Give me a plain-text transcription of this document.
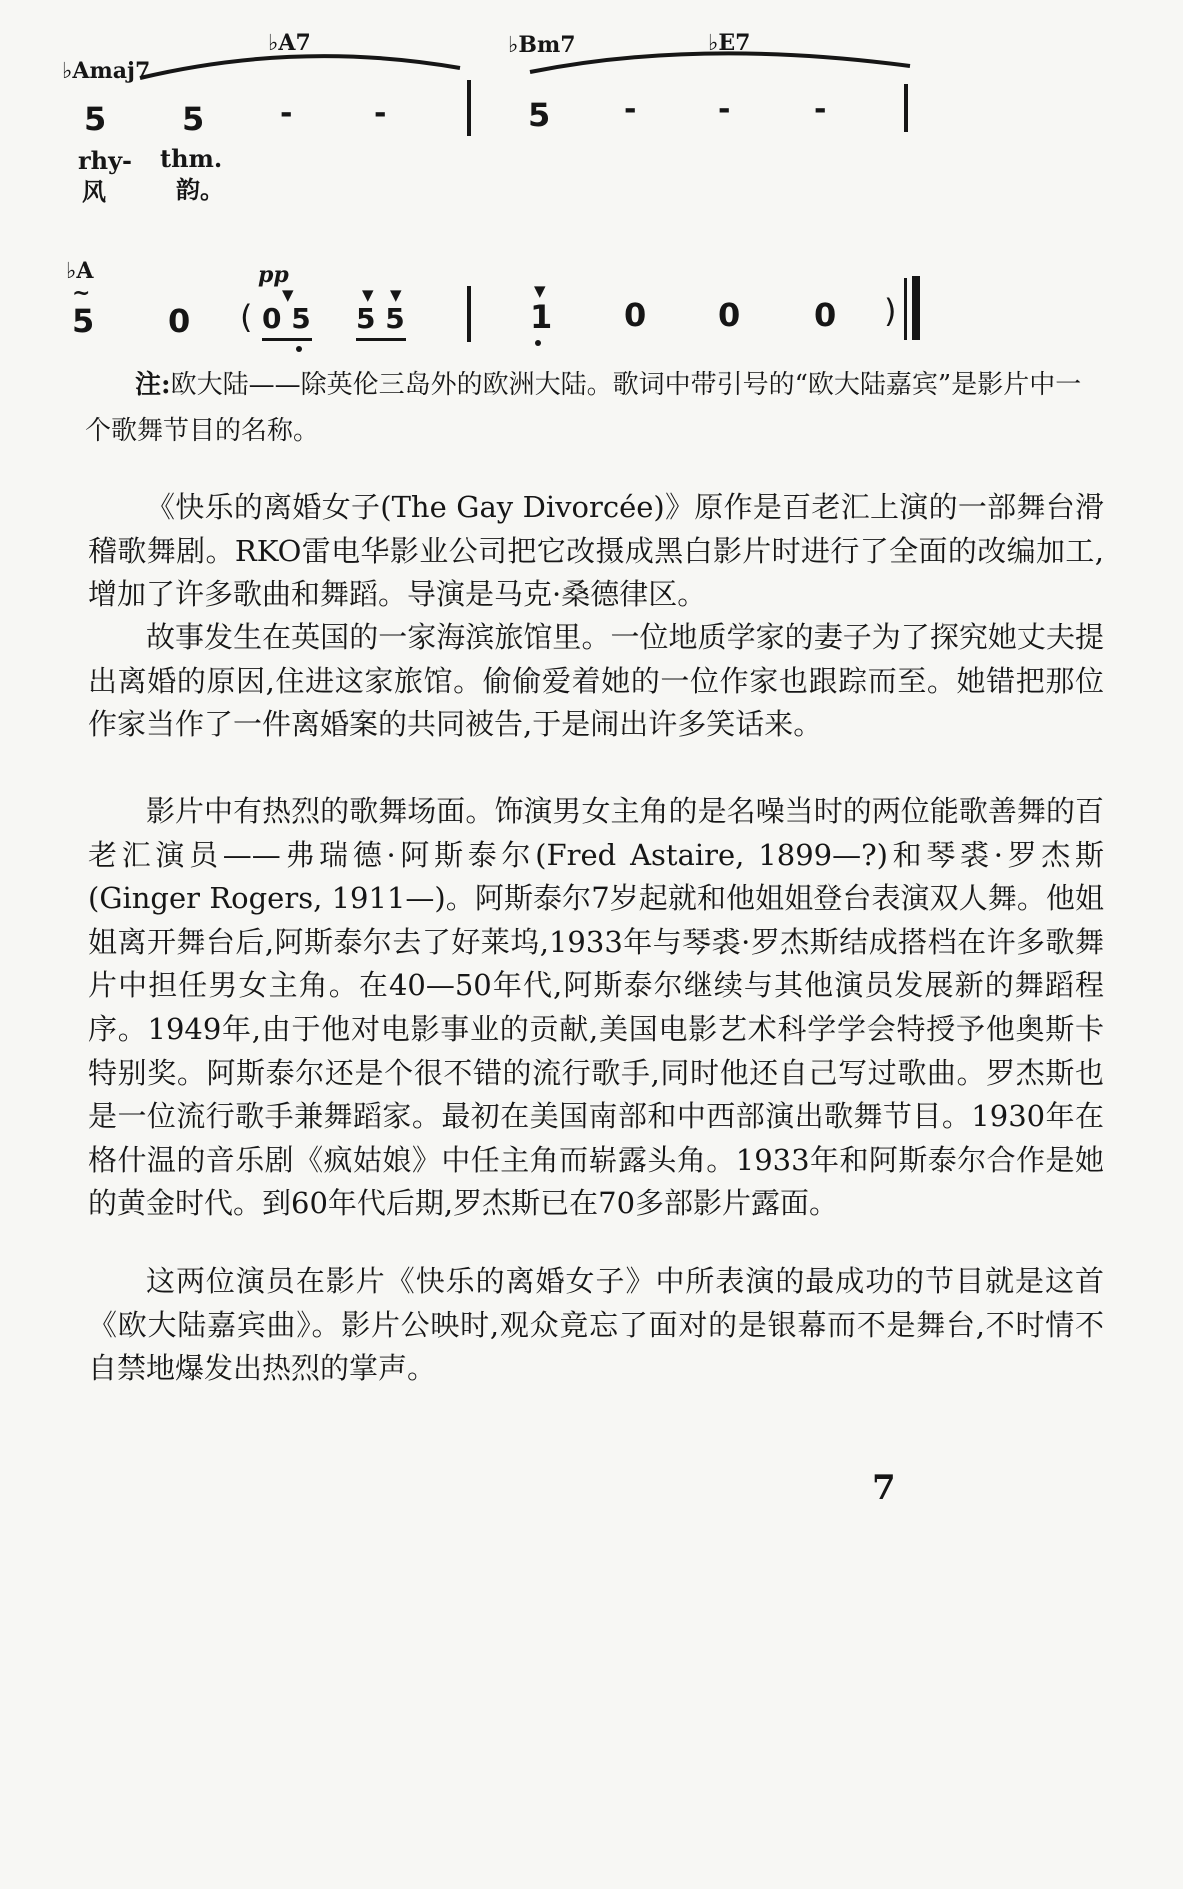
♭Amaj7
♭A7	♭Bm7	♭E7
5 5	-	-	5 -	-	-
rhy- thm.
风	韵。
♭A
~
pp
▼	▼ ▼	▼
5 0 ( 0 5 5 5	1 0 0 0 )

注:欧大陆——除英伦三岛外的欧洲大陆。歌词中带引号的“欧大陆嘉宾”是影片中一个歌舞节目的名称。

《快乐的离婚女子(The Gay Divorcée)》原作是百老汇上演的一部舞台滑稽歌舞剧。RKO雷电华影业公司把它改摄成黑白影片时进行了全面的改编加工,增加了许多歌曲和舞蹈。导演是马克·桑德律区。

故事发生在英国的一家海滨旅馆里。一位地质学家的妻子为了探究她丈夫提出离婚的原因,住进这家旅馆。偷偷爱着她的一位作家也跟踪而至。她错把那位作家当作了一件离婚案的共同被告,于是闹出许多笑话来。

影片中有热烈的歌舞场面。饰演男女主角的是名噪当时的两位能歌善舞的百老汇演员——弗瑞德·阿斯泰尔(Fred Astaire, 1899—?)和琴裘·罗杰斯(Ginger Rogers, 1911—)。阿斯泰尔7岁起就和他姐姐登台表演双人舞。他姐姐离开舞台后,阿斯泰尔去了好莱坞,1933年与琴裘·罗杰斯结成搭档在许多歌舞片中担任男女主角。在40—50年代,阿斯泰尔继续与其他演员发展新的舞蹈程序。1949年,由于他对电影事业的贡献,美国电影艺术科学学会特授予他奥斯卡特别奖。阿斯泰尔还是个很不错的流行歌手,同时他还自己写过歌曲。罗杰斯也是一位流行歌手兼舞蹈家。最初在美国南部和中西部演出歌舞节目。1930年在格什温的音乐剧《疯姑娘》中任主角而崭露头角。1933年和阿斯泰尔合作是她的黄金时代。到60年代后期,罗杰斯已在70多部影片露面。

这两位演员在影片《快乐的离婚女子》中所表演的最成功的节目就是这首《欧大陆嘉宾曲》。影片公映时,观众竟忘了面对的是银幕而不是舞台,不时情不自禁地爆发出热烈的掌声。

7
